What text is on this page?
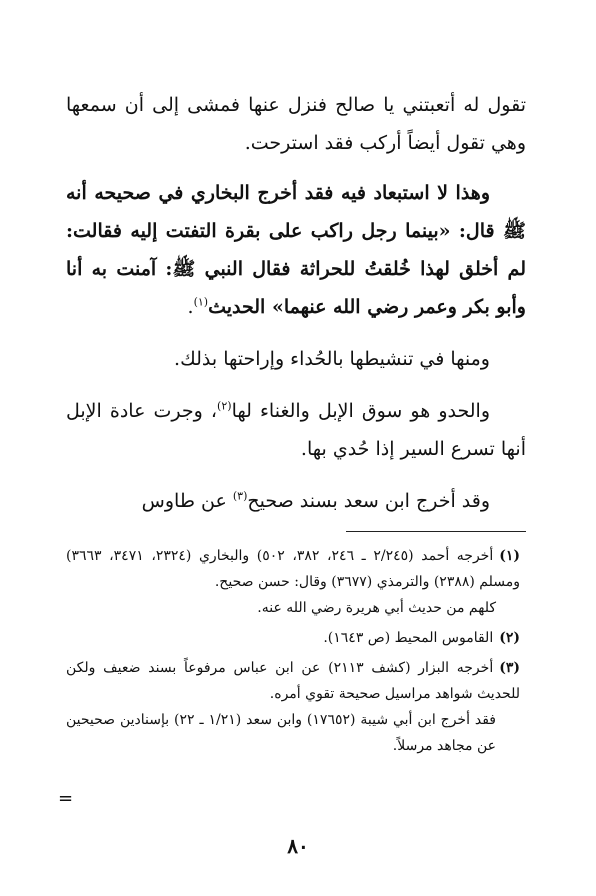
تقول له أتعبتني يا صالح فنزل عنها فمشى إلى أن سمعها وهي تقول أيضاً أركب فقد استرحت.

وهذا لا استبعاد فيه فقد أخرج البخاري في صحيحه أنه ﷺ قال: «بينما رجل راكب على بقرة التفتت إليه فقالت: لم أخلق لهذا خُلقتُ للحراثة فقال النبي ﷺ: آمنت به أنا وأبو بكر وعمر رضي الله عنهما» الحديث$^{(١)}$.

ومنها في تنشيطها بالحُداء وإراحتها بذلك.

والحدو هو سوق الإبل والغناء لها$^{(٢)}$، وجرت عادة الإبل أنها تسرع السير إذا حُدي بها.

وقد أخرج ابن سعد بسند صحيح$^{(٣)}$ عن طاوس

(١)أخرجه أحمد (٢/٢٤٥ ـ ٢٤٦، ٣٨٢، ٥٠٢) والبخاري (٢٣٢٤، ٣٤٧١، ٣٦٦٣) ومسلم (٢٣٨٨) والترمذي (٣٦٧٧) وقال: حسن صحيح.
كلهم من حديث أبي هريرة رضي الله عنه.
(٢)القاموس المحيط (ص ١٦٤٣).
(٣)أخرجه البزار (كشف ٢١١٣) عن ابن عباس مرفوعاً بسند ضعيف ولكن للحديث شواهد مراسيل صحيحة تقوي أمره.
فقد أخرج ابن أبي شيبة (١٧٦٥٢) وابن سعد (١/٢١ ـ ٢٢) بإسنادين صحيحين عن مجاهد مرسلاً.
=
٨٠
